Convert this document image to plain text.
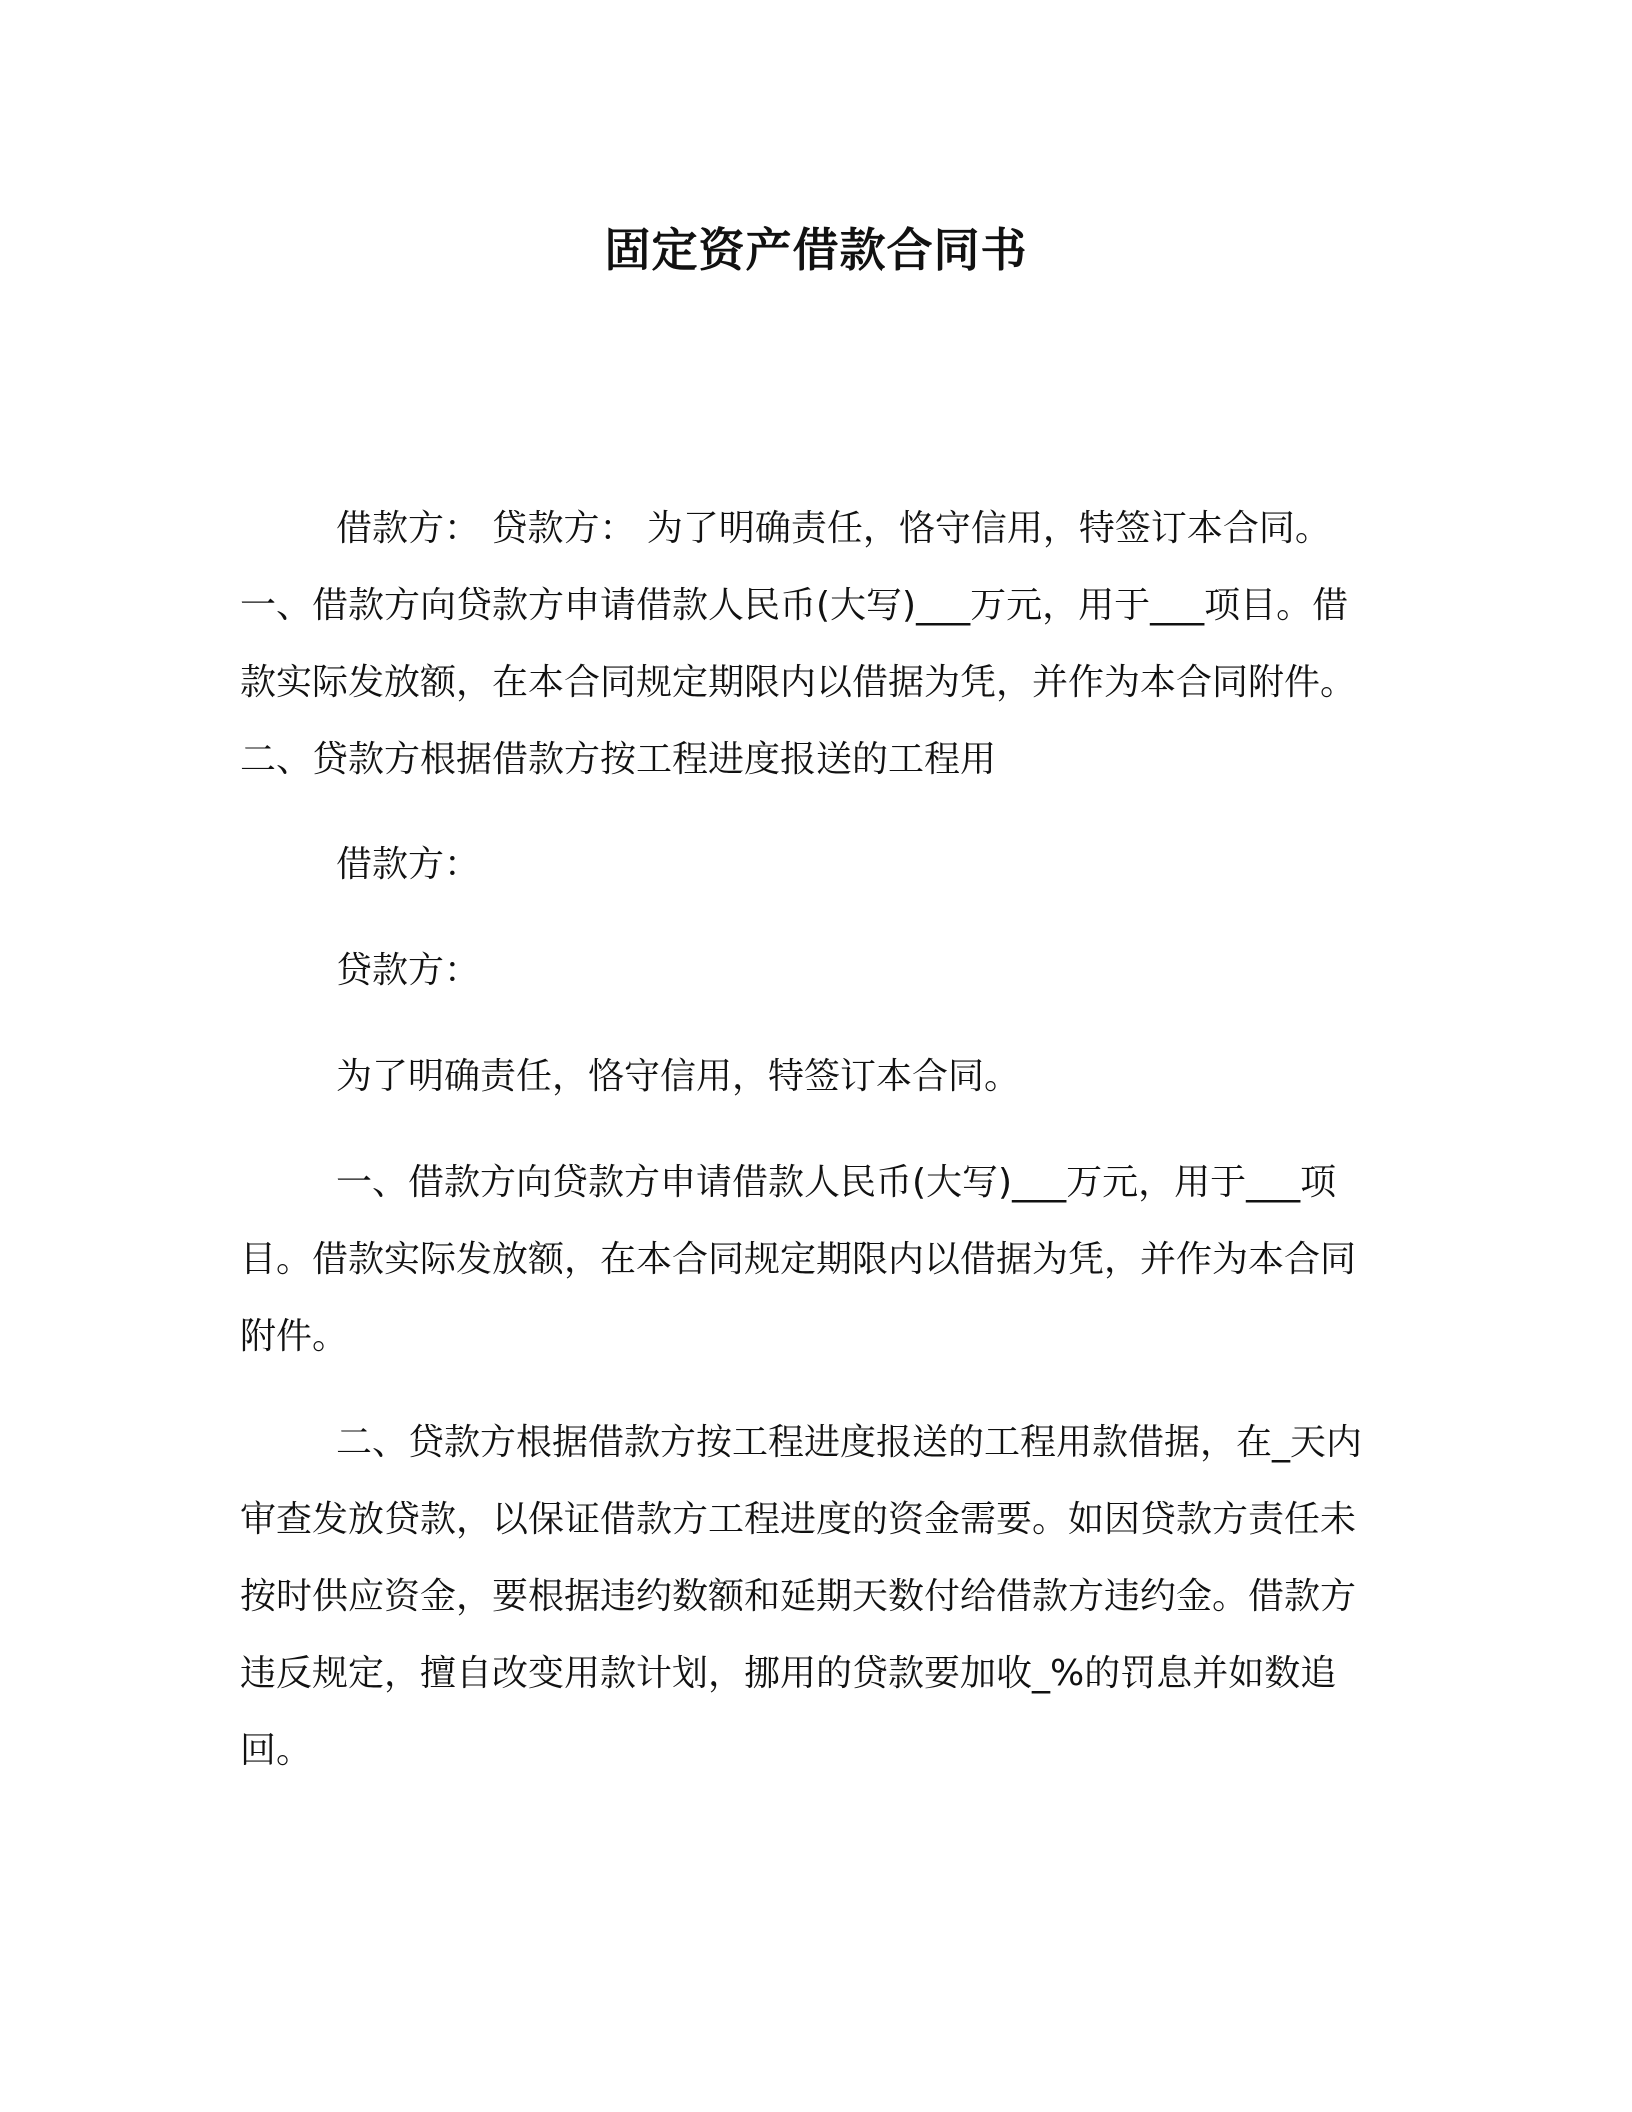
固定资产借款合同书

借款方： 贷款方： 为了明确责任，恪守信用，特签订本合同。

一、借款方向贷款方申请借款人民币(大写)___万元，用于___项目。借款实际发放额，在本合同规定期限内以借据为凭，并作为本合同附件。 二、贷款方根据借款方按工程进度报送的工程用

借款方：

贷款方：

为了明确责任，恪守信用，特签订本合同。

一、借款方向贷款方申请借款人民币(大写)___万元，用于___项目。借款实际发放额，在本合同规定期限内以借据为凭，并作为本合同附件。

二、贷款方根据借款方按工程进度报送的工程用款借据，在_天内审查发放贷款，以保证借款方工程进度的资金需要。如因贷款方责任未按时供应资金，要根据违约数额和延期天数付给借款方违约金。借款方违反规定，擅自改变用款计划，挪用的贷款要加收_%的罚息并如数追回。
